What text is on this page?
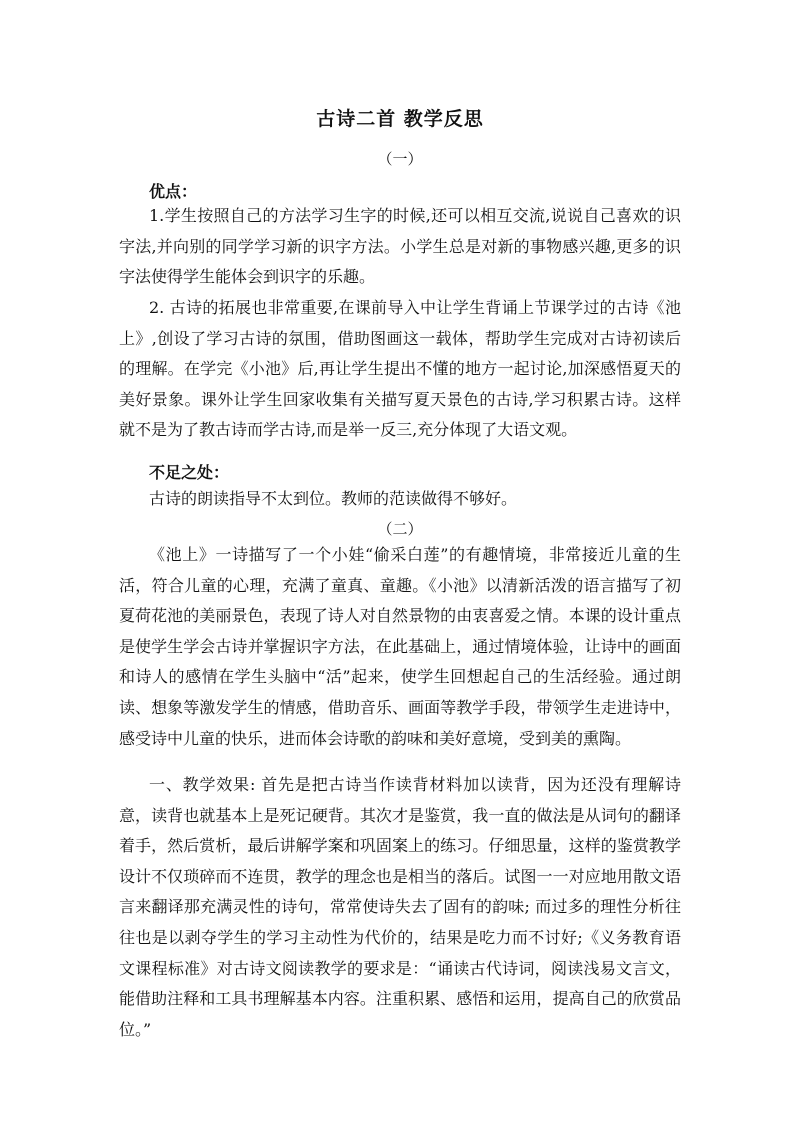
古诗二首 教学反思
（一）
优点：
1.学生按照自己的方法学习生字的时候,还可以相互交流,说说自己喜欢的识字法,并向别的同学学习新的识字方法。小学生总是对新的事物感兴趣,更多的识字法使得学生能体会到识字的乐趣。
2. 古诗的拓展也非常重要,在课前导入中让学生背诵上节课学过的古诗《池上》,创设了学习古诗的氛围，借助图画这一载体，帮助学生完成对古诗初读后的理解。在学完《小池》后,再让学生提出不懂的地方一起讨论,加深感悟夏天的美好景象。课外让学生回家收集有关描写夏天景色的古诗,学习积累古诗。这样就不是为了教古诗而学古诗,而是举一反三,充分体现了大语文观。
不足之处：
古诗的朗读指导不太到位。教师的范读做得不够好。
（二）
《池上》一诗描写了一个小娃“偷采白莲”的有趣情境，非常接近儿童的生活，符合儿童的心理，充满了童真、童趣。《小池》以清新活泼的语言描写了初夏荷花池的美丽景色，表现了诗人对自然景物的由衷喜爱之情。本课的设计重点是使学生学会古诗并掌握识字方法，在此基础上，通过情境体验，让诗中的画面和诗人的感情在学生头脑中“活”起来，使学生回想起自己的生活经验。通过朗读、想象等激发学生的情感，借助音乐、画面等教学手段，带领学生走进诗中，感受诗中儿童的快乐，进而体会诗歌的韵味和美好意境，受到美的熏陶。
一、教学效果: 首先是把古诗当作读背材料加以读背，因为还没有理解诗意，读背也就基本上是死记硬背。其次才是鉴赏，我一直的做法是从词句的翻译着手，然后赏析，最后讲解学案和巩固案上的练习。仔细思量，这样的鉴赏教学设计不仅琐碎而不连贯，教学的理念也是相当的落后。试图一一对应地用散文语言来翻译那充满灵性的诗句，常常使诗失去了固有的韵味; 而过多的理性分析往往也是以剥夺学生的学习主动性为代价的，结果是吃力而不讨好;《义务教育语文课程标准》对古诗文阅读教学的要求是：“诵读古代诗词，阅读浅易文言文，能借助注释和工具书理解基本内容。注重积累、感悟和运用，提高自己的欣赏品位。”
